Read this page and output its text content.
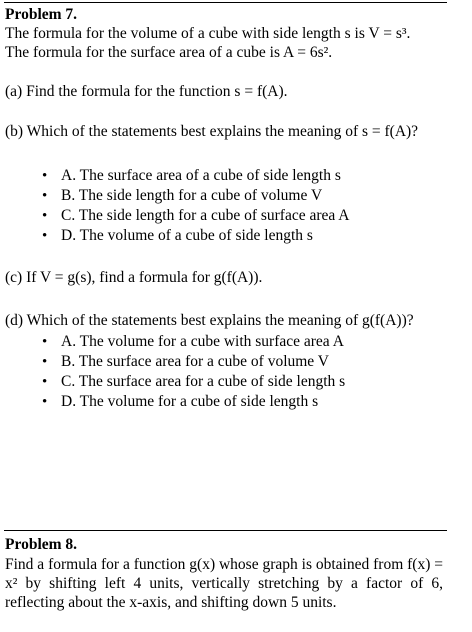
Problem 7.
The formula for the volume of a cube with side length s is V = s³.
The formula for the surface area of a cube is A = 6s².
(a) Find the formula for the function s = f(A).
(b) Which of the statements best explains the meaning of s = f(A)?
• A. The surface area of a cube of side length s
• B. The side length for a cube of volume V
• C. The side length for a cube of surface area A
• D. The volume of a cube of side length s
(c) If V = g(s), find a formula for g(f(A)).
(d) Which of the statements best explains the meaning of g(f(A))?
• A. The volume for a cube with surface area A
• B. The surface area for a cube of volume V
• C. The surface area for a cube of side length s
• D. The volume for a cube of side length s
Problem 8.
Find a formula for a function g(x) whose graph is obtained from f(x) = x² by shifting left 4 units, vertically stretching by a factor of 6, reflecting about the x-axis, and shifting down 5 units.
